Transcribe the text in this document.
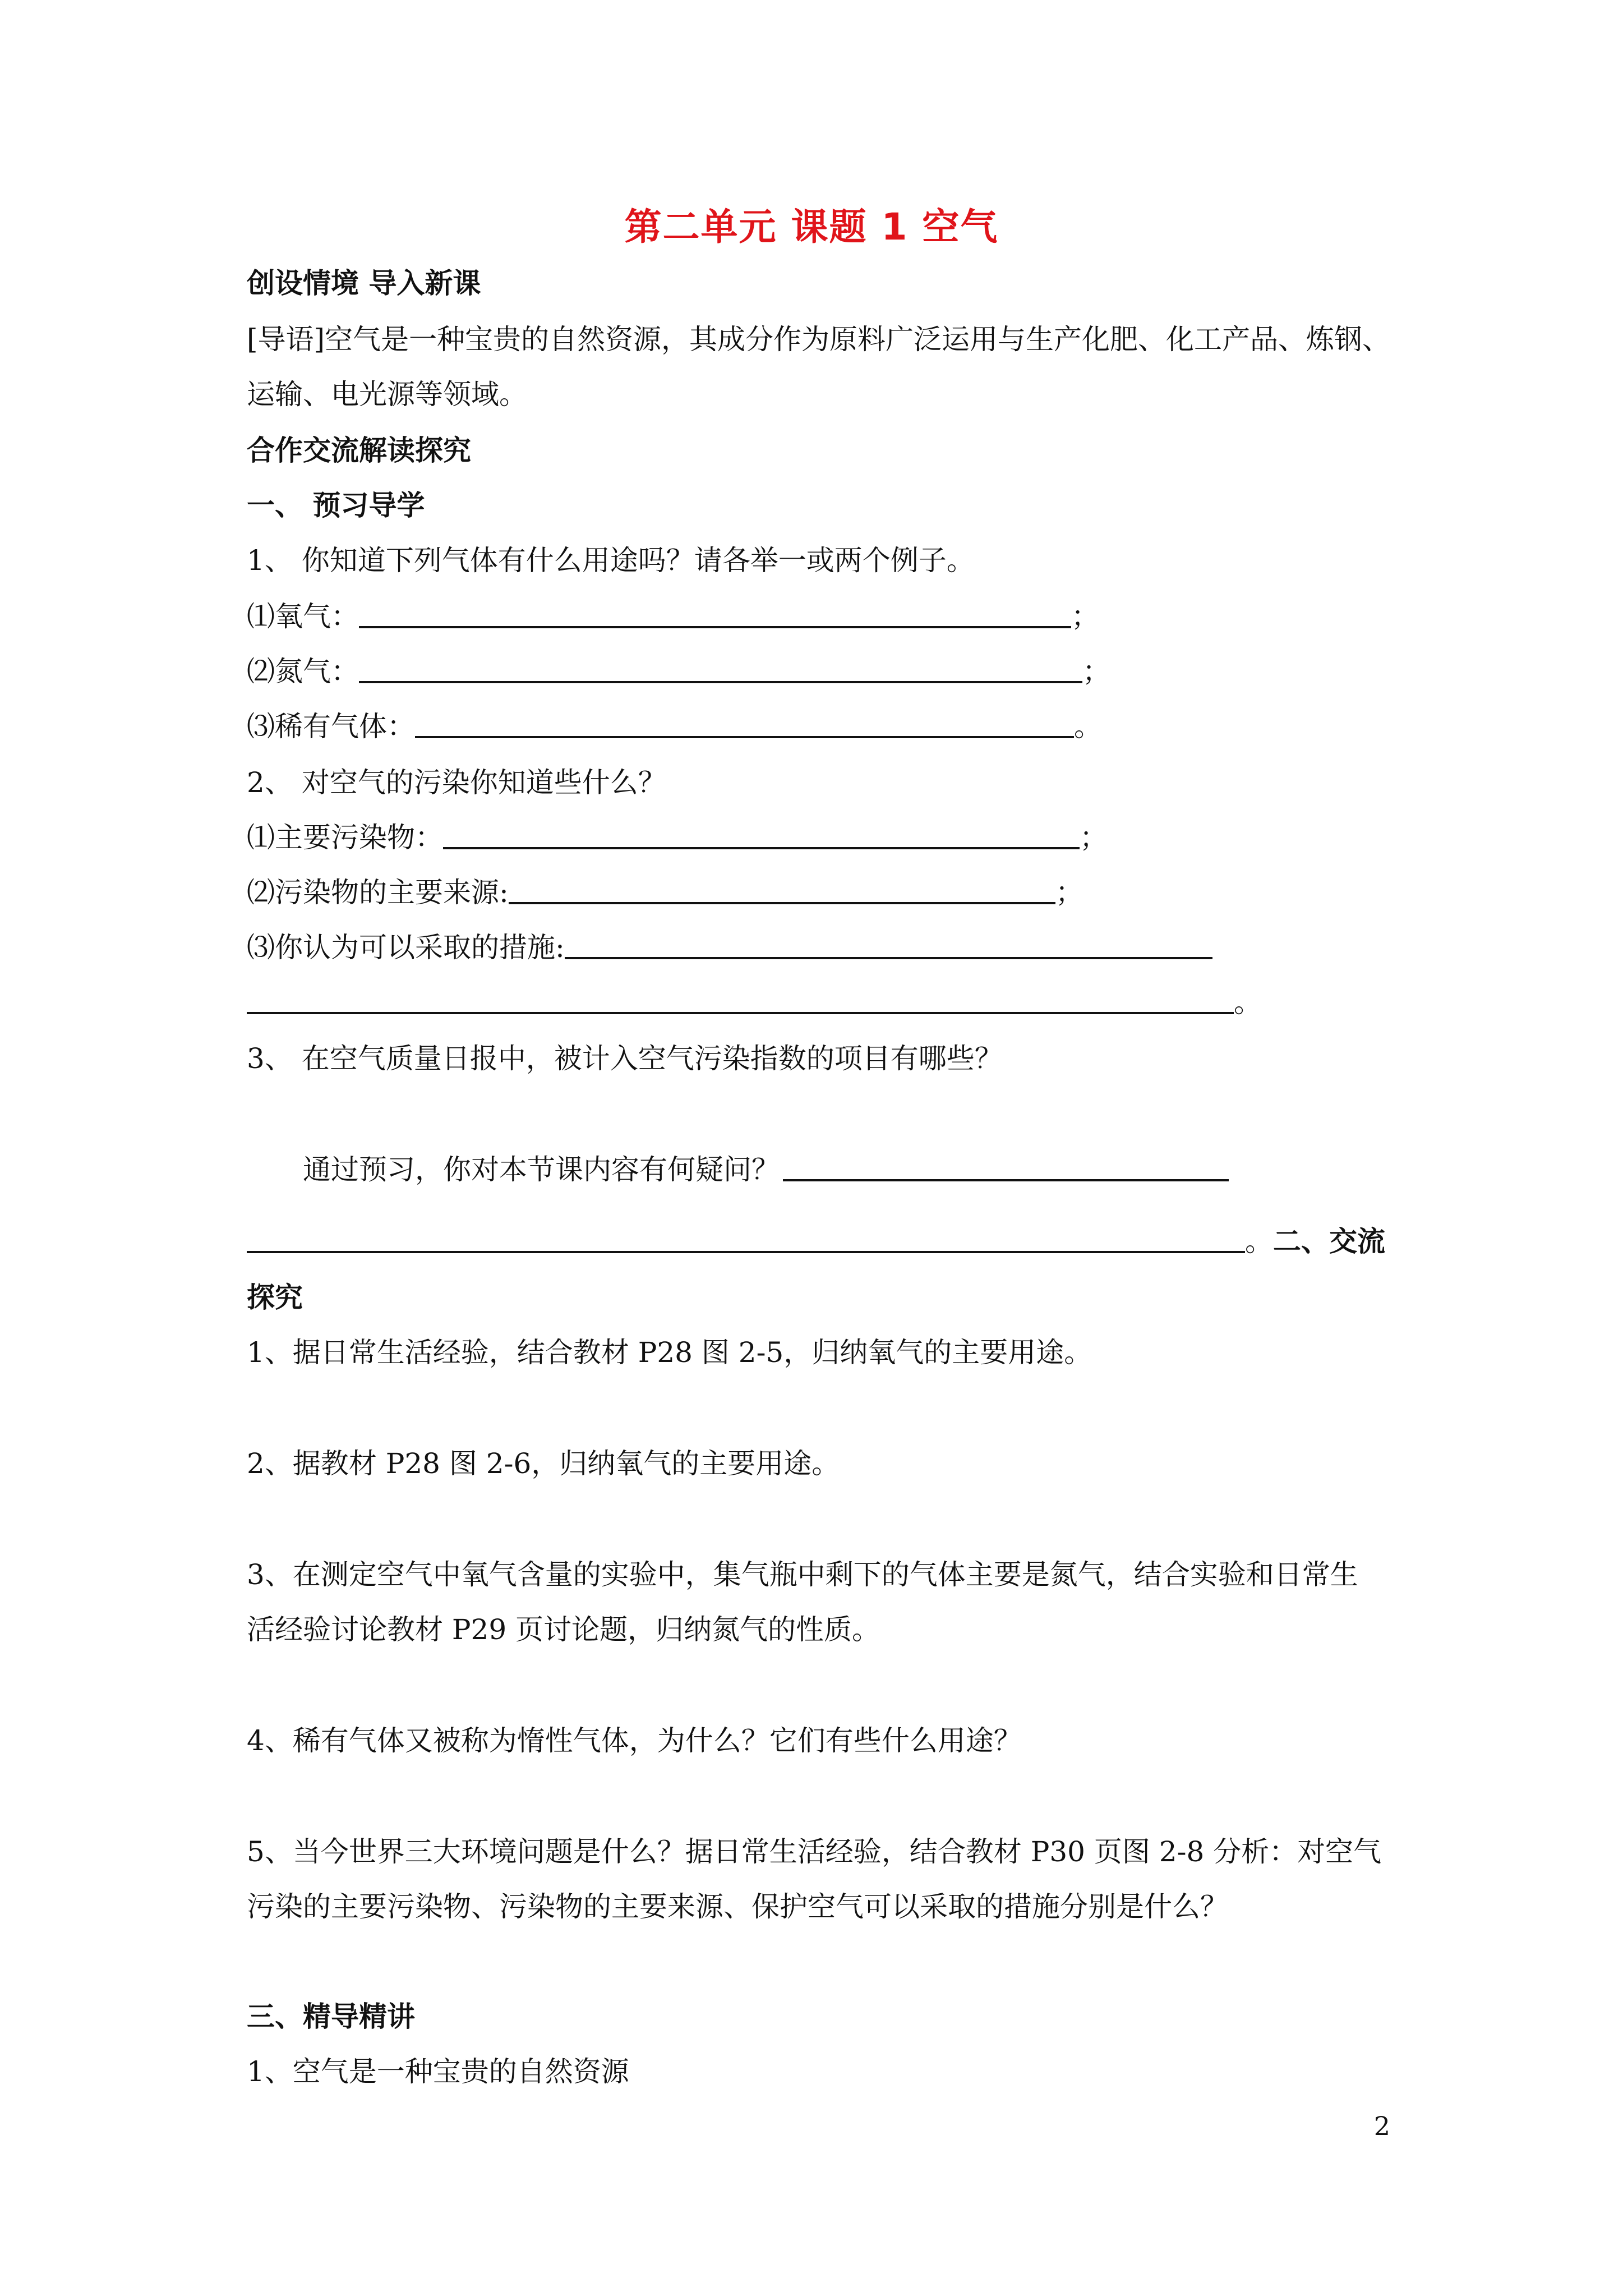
第二单元 课题 1 空气
创设情境 导入新课
[导语]空气是一种宝贵的自然资源，其成分作为原料广泛运用与生产化肥、化工产品、炼钢、
运输、电光源等领域。
合作交流解读探究
一、 预习导学
1、 你知道下列气体有什么用途吗？请各举一或两个例子。
⑴氧气：	；
⑵氮气：	；
⑶稀有气体：	。
2、 对空气的污染你知道些什么？
⑴主要污染物：	；
⑵污染物的主要来源:	；
⑶你认为可以采取的措施:
。
3、 在空气质量日报中，被计入空气污染指数的项目有哪些？
通过预习，你对本节课内容有何疑问？
。二、交流
探究
1、据日常生活经验，结合教材 P28 图 2-5，归纳氧气的主要用途。
2、据教材 P28 图 2-6，归纳氧气的主要用途。
3、在测定空气中氧气含量的实验中，集气瓶中剩下的气体主要是氮气，结合实验和日常生
活经验讨论教材 P29 页讨论题，归纳氮气的性质。
4、稀有气体又被称为惰性气体，为什么？它们有些什么用途？
5、当今世界三大环境问题是什么？据日常生活经验，结合教材 P30 页图 2-8 分析：对空气
污染的主要污染物、污染物的主要来源、保护空气可以采取的措施分别是什么？
三、精导精讲
1、空气是一种宝贵的自然资源
2
